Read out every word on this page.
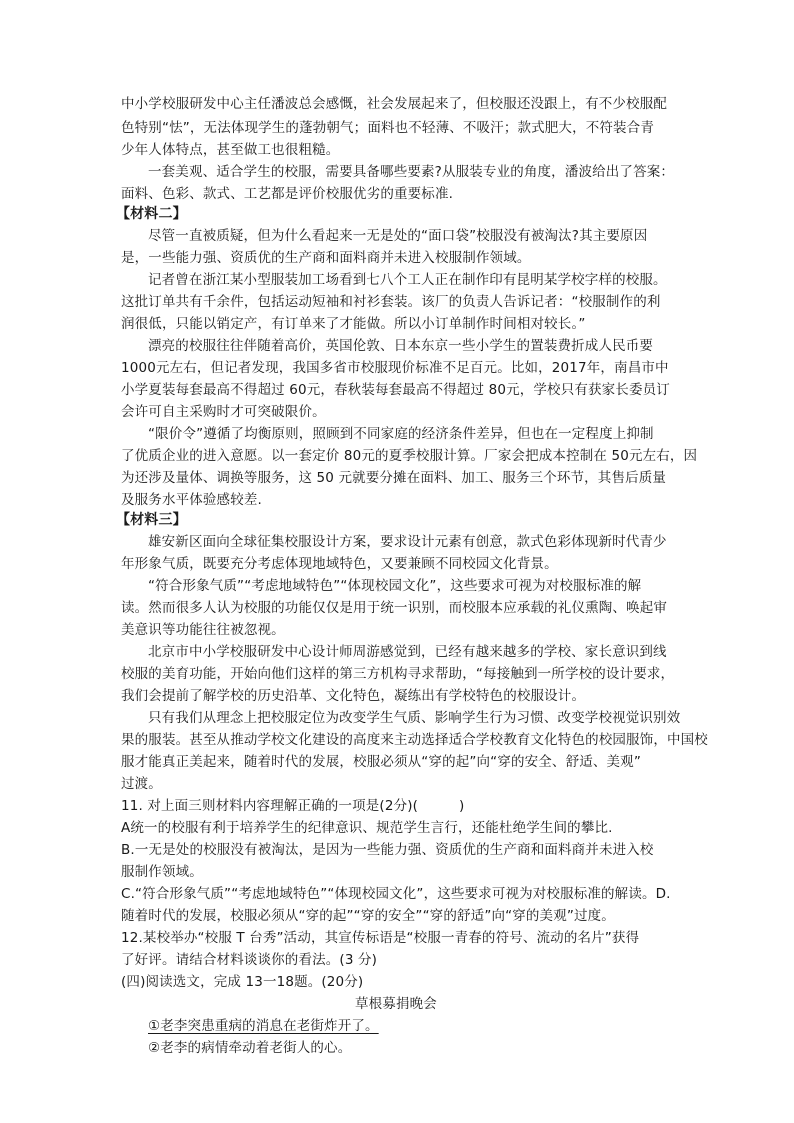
中小学校服研发中心主任潘波总会感慨，社会发展起来了，但校服还没跟上，有不少校服配
色特别“怯”，无法体现学生的蓬勃朝气；面料也不轻薄、不吸汗；款式肥大，不符装合青
少年人体特点，甚至做工也很粗糙。
一套美观、适合学生的校服，需要具备哪些要素?从服装专业的角度，潘波给出了答案：
面料、色彩、款式、工艺都是评价校服优劣的重要标准.
【材料二】
尽管一直被质疑，但为什么看起来一无是处的“面口袋”校服没有被淘汰?其主要原因
是，一些能力强、资质优的生产商和面料商并未进入校服制作领域。
记者曾在浙江某小型服装加工场看到七八个工人正在制作印有昆明某学校字样的校服。
这批订单共有千余件，包括运动短袖和衬衫套装。该厂的负责人告诉记者：“校服制作的利
润很低，只能以销定产，有订单来了才能做。所以小订单制作时间相对较长。”
漂亮的校服往往伴随着高价，英国伦敦、日本东京一些小学生的置装费折成人民币要
1000元左右，但记者发现，我国多省市校服现价标准不足百元。比如，2017年，南昌市中
小学夏装每套最高不得超过 60元，春秋装每套最高不得超过 80元，学校只有获家长委员订
会许可自主采购时才可突破限价。
“限价令”遵循了均衡原则，照顾到不同家庭的经济条件差异，但也在一定程度上抑制
了优质企业的进入意愿。以一套定价 80元的夏季校服计算。厂家会把成本控制在 50元左右，因
为还涉及量体、调换等服务，这 50 元就要分摊在面料、加工、服务三个环节，其售后质量
及服务水平体验感较差.
【材料三】
雄安新区面向全球征集校服设计方案，要求设计元素有创意，款式色彩体现新时代青少
年形象气质，既要充分考虑体现地域特色，又要兼顾不同校园文化背景。
“符合形象气质”“考虑地域特色”“体现校园文化”，这些要求可视为对校服标准的解
读。然而很多人认为校服的功能仅仅是用于统一识别，而校服本应承载的礼仪熏陶、唤起审
美意识等功能往往被忽视。
北京市中小学校服研发中心设计师周游感觉到，已经有越来越多的学校、家长意识到线
校服的美育功能，开始向他们这样的第三方机构寻求帮助，“每接触到一所学校的设计要求，
我们会提前了解学校的历史沿革、文化特色，凝练出有学校特色的校服设计。
只有我们从理念上把校服定位为改变学生气质、影响学生行为习惯、改变学校视觉识别效
果的服装。甚至从推动学校文化建设的高度来主动选择适合学校教育文化特色的校园服饰，中国校
服才能真正美起来，随着时代的发展，校服必须从“穿的起”向“穿的安全、舒适、美观”
过渡。
11. 对上面三则材料内容理解正确的一项是(2分)(　　　)
A统一的校服有利于培养学生的纪律意识、规范学生言行，还能杜绝学生间的攀比.
B.一无是处的校服没有被淘汰，是因为一些能力强、资质优的生产商和面料商并未进入校
服制作领域。
C.“符合形象气质”“考虑地域特色”“体现校园文化”，这些要求可视为对校服标准的解读。D.
随着时代的发展，校服必须从“穿的起”“穿的安全”“穿的舒适”向“穿的美观”过度。
12.某校举办“校服 T 台秀”活动，其宣传标语是“校服一青春的符号、流动的名片”获得
了好评。请结合材料谈谈你的看法。(3 分)
(四)阅读选文，完成 13一18题。(20分)
草根募捐晚会
①老李突患重病的消息在老街炸开了。
②老李的病情牵动着老街人的心。
